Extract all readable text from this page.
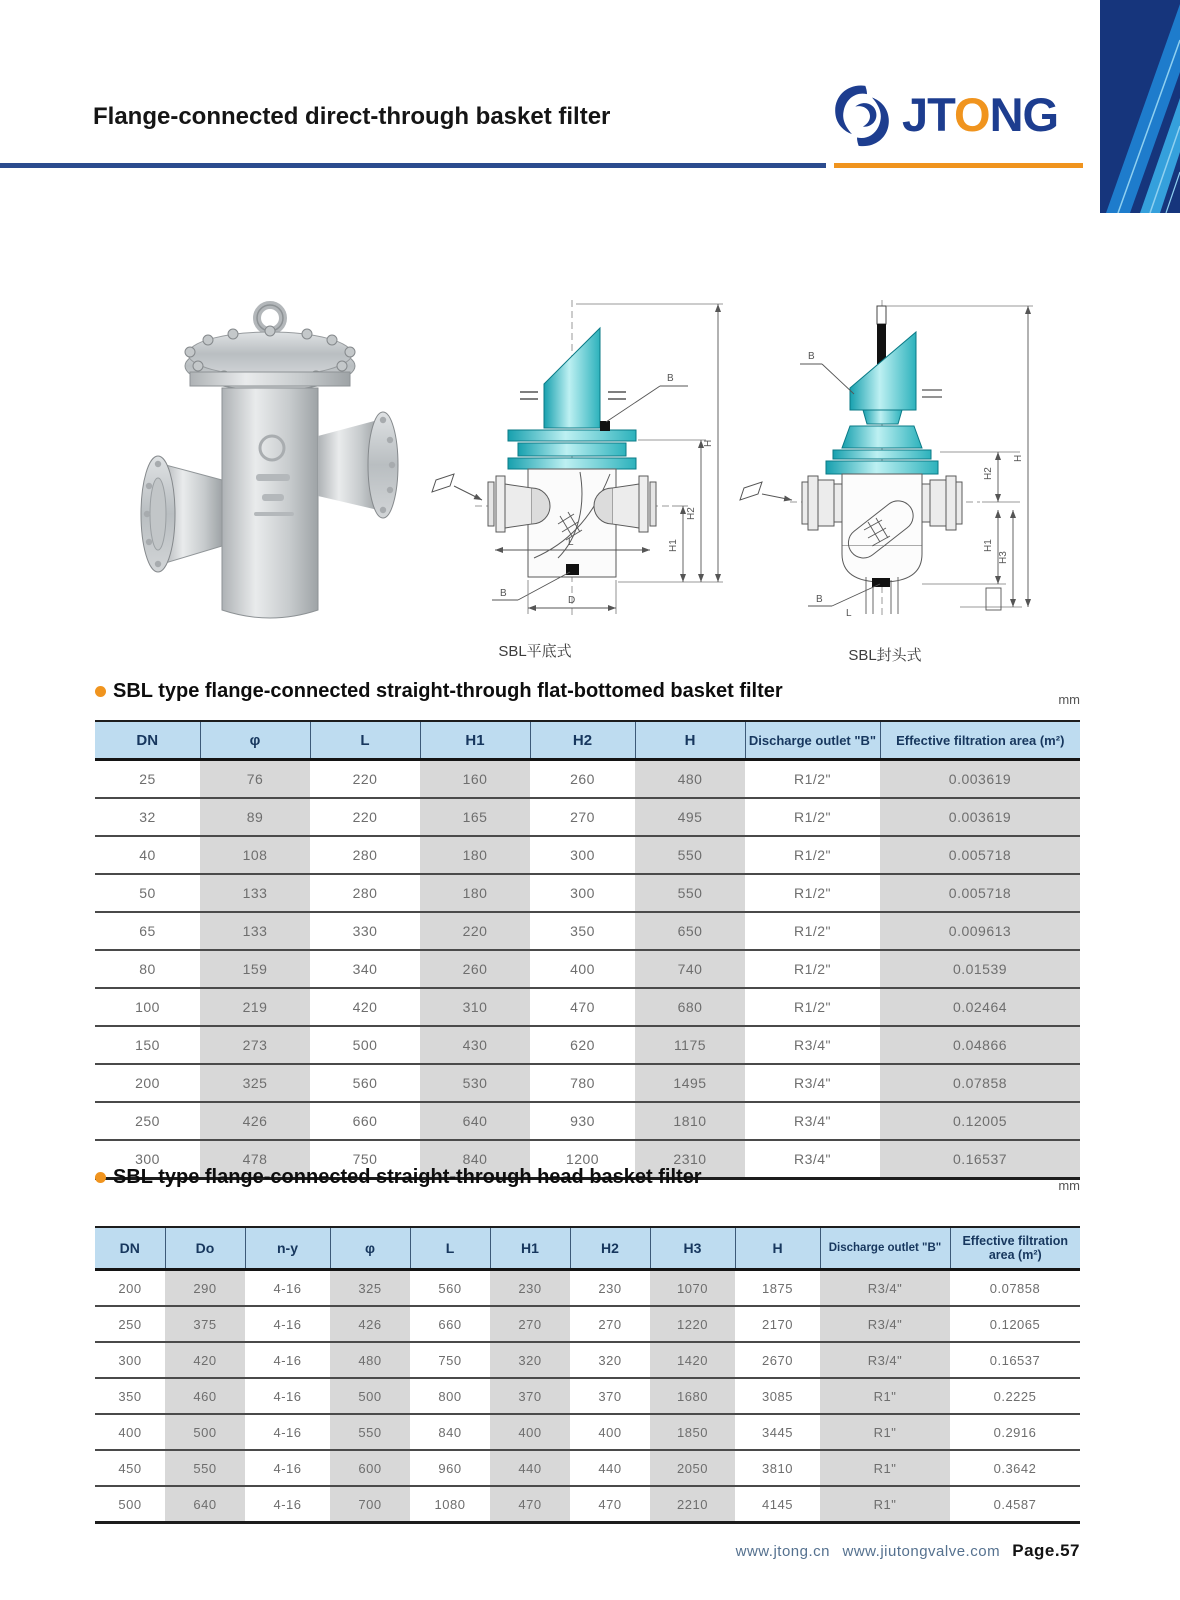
Flange-connected direct-through basket filter	JTONG
B
B
H
H2
H1
L
D
SBL平底式
B
B
H2
H1
H3
H
L
SBL封头式
SBL type flange-connected straight-through flat-bottomed basket filter	mm
DN	φ	L	H1	H2	H	Discharge outlet "B"	Effective filtration area (m²)
25	76	220	160	260	480	R1/2"	0.003619
32	89	220	165	270	495	R1/2"	0.003619
40	108	280	180	300	550	R1/2"	0.005718
50	133	280	180	300	550	R1/2"	0.005718
65	133	330	220	350	650	R1/2"	0.009613
80	159	340	260	400	740	R1/2"	0.01539
100	219	420	310	470	680	R1/2"	0.02464
150	273	500	430	620	1175	R3/4"	0.04866
200	325	560	530	780	1495	R3/4"	0.07858
250	426	660	640	930	1810	R3/4"	0.12005
300	478	750	840	1200	2310	R3/4"	0.16537
SBL type flange-connected straight-through head basket filter	mm
DN	Do	n-y	φ	L	H1	H2	H3	H	Discharge outlet "B"	Effective filtration area (m²)
200	290	4-16	325	560	230	230	1070	1875	R3/4"	0.07858
250	375	4-16	426	660	270	270	1220	2170	R3/4"	0.12065
300	420	4-16	480	750	320	320	1420	2670	R3/4"	0.16537
350	460	4-16	500	800	370	370	1680	3085	R1"	0.2225
400	500	4-16	550	840	400	400	1850	3445	R1"	0.2916
450	550	4-16	600	960	440	440	2050	3810	R1"	0.3642
500	640	4-16	700	1080	470	470	2210	4145	R1"	0.4587
www.jtong.cn www.jiutongvalve.com Page.57
